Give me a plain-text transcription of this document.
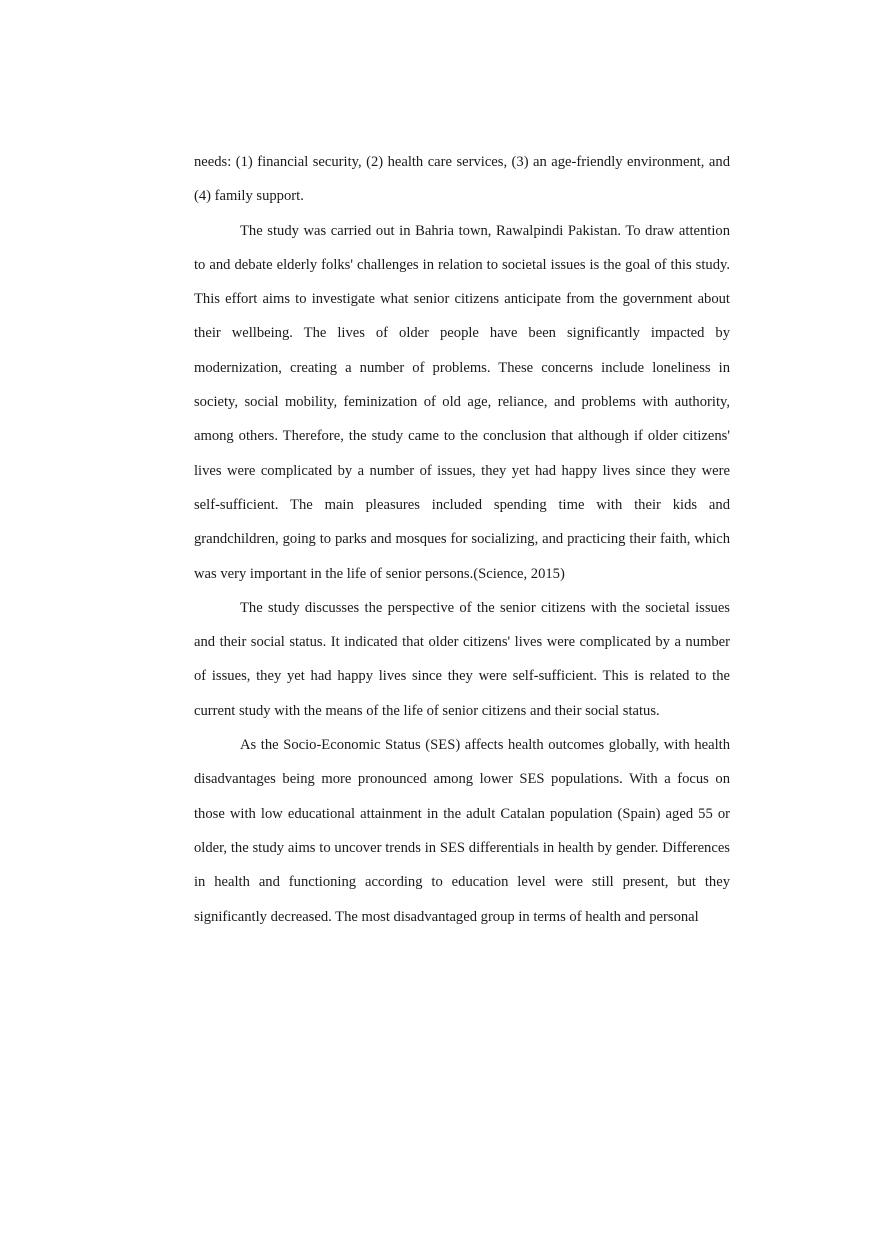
needs: (1) financial security, (2) health care services, (3) an age-friendly environment, and (4) family support.

The study was carried out in Bahria town, Rawalpindi Pakistan. To draw attention to and debate elderly folks' challenges in relation to societal issues is the goal of this study. This effort aims to investigate what senior citizens anticipate from the government about their wellbeing. The lives of older people have been significantly impacted by modernization, creating a number of problems. These concerns include loneliness in society, social mobility, feminization of old age, reliance, and problems with authority, among others. Therefore, the study came to the conclusion that although if older citizens' lives were complicated by a number of issues, they yet had happy lives since they were self-sufficient. The main pleasures included spending time with their kids and grandchildren, going to parks and mosques for socializing, and practicing their faith, which was very important in the life of senior persons.(Science, 2015)

The study discusses the perspective of the senior citizens with the societal issues and their social status. It indicated that older citizens' lives were complicated by a number of issues, they yet had happy lives since they were self-sufficient. This is related to the current study with the means of the life of senior citizens and their social status.

As the Socio-Economic Status (SES) affects health outcomes globally, with health disadvantages being more pronounced among lower SES populations. With a focus on those with low educational attainment in the adult Catalan population (Spain) aged 55 or older, the study aims to uncover trends in SES differentials in health by gender. Differences in health and functioning according to education level were still present, but they significantly decreased. The most disadvantaged group in terms of health and personal
